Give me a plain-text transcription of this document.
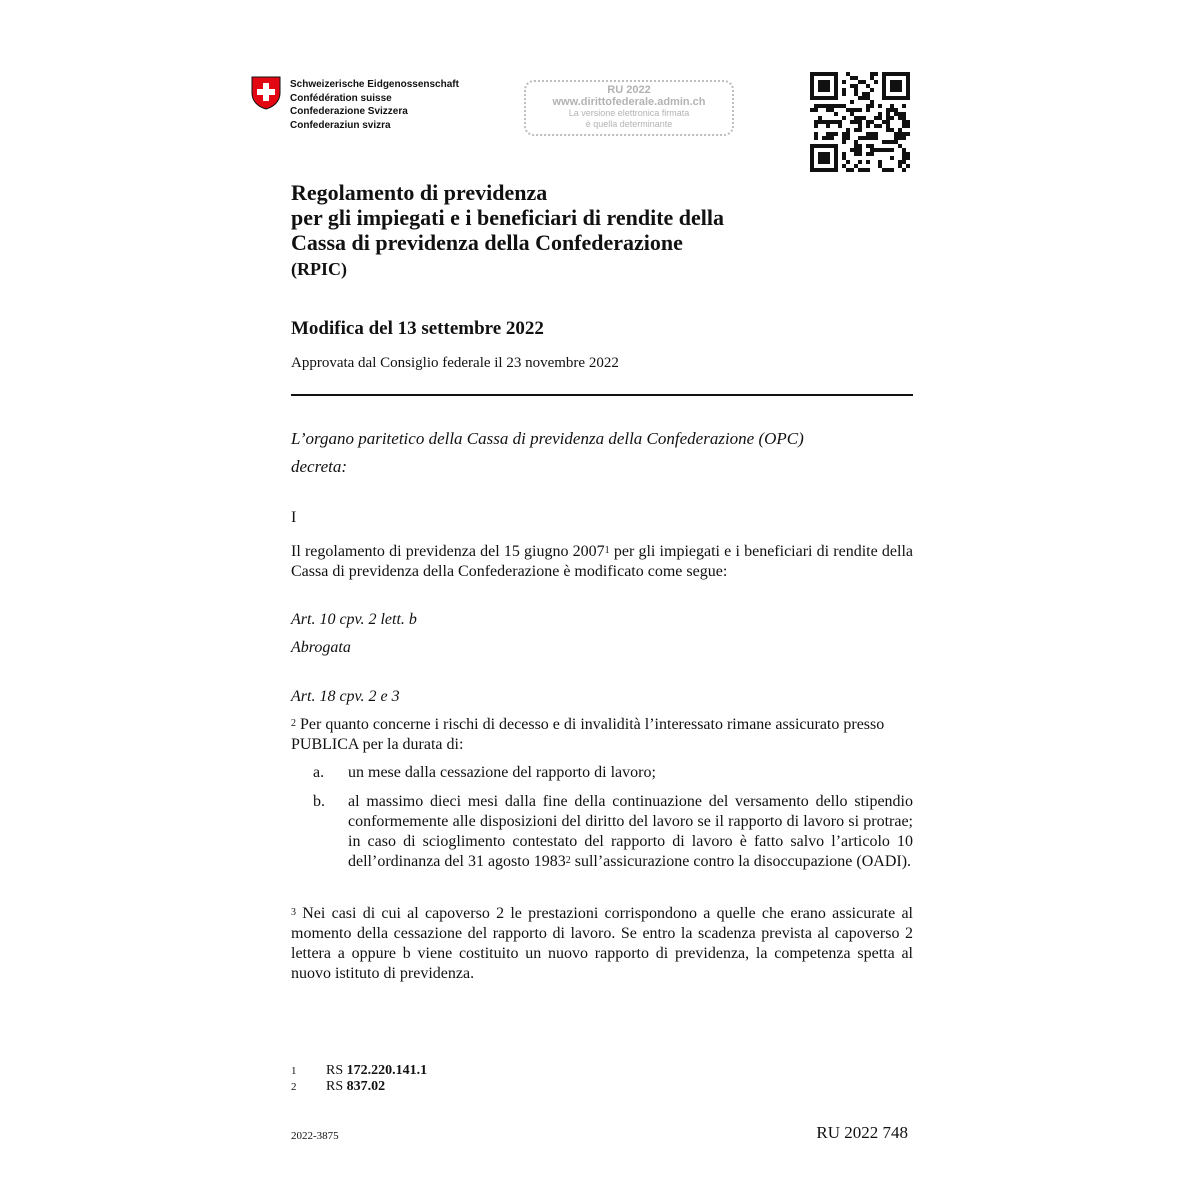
Schweizerische Eidgenossenschaft
Confédération suisse
Confederazione Svizzera
Confederaziun svizra
RU 2022
www.dirittofederale.admin.ch
La versione elettronica firmata
è quella determinante
Regolamento di previdenza
per gli impiegati e i beneficiari di rendite della
Cassa di previdenza della Confederazione
(RPIC)
Modifica del 13 settembre 2022
Approvata dal Consiglio federale il 23 novembre 2022
L’organo paritetico della Cassa di previdenza della Confederazione (OPC)
decreta:
I
Il regolamento di previdenza del 15 giugno 2007$^1$ per gli impiegati e i beneficiari di rendite della Cassa di previdenza della Confederazione è modificato come segue:
Art. 10 cpv. 2 lett. b
Abrogata
Art. 18 cpv. 2 e 3
$^2$ Per quanto concerne i rischi di decesso e di invalidità l’interessato rimane assicurato presso PUBLICA per la durata di:
a. un mese dalla cessazione del rapporto di lavoro;
b. al massimo dieci mesi dalla fine della continuazione del versamento dello stipendio conformemente alle disposizioni del diritto del lavoro se il rapporto di lavoro si protrae; in caso di scioglimento contestato del rapporto di lavoro è fatto salvo l’articolo 10 dell’ordinanza del 31 agosto 1983$^2$ sull’assicurazione contro la disoccupazione (OADI).
$^3$ Nei casi di cui al capoverso 2 le prestazioni corrispondono a quelle che erano assicurate al momento della cessazione del rapporto di lavoro. Se entro la scadenza prevista al capoverso 2 lettera a oppure b viene costituito un nuovo rapporto di previdenza, la competenza spetta al nuovo istituto di previdenza.
1 RS 172.220.141.1
2 RS 837.02
2022-3875	RU 2022 748
